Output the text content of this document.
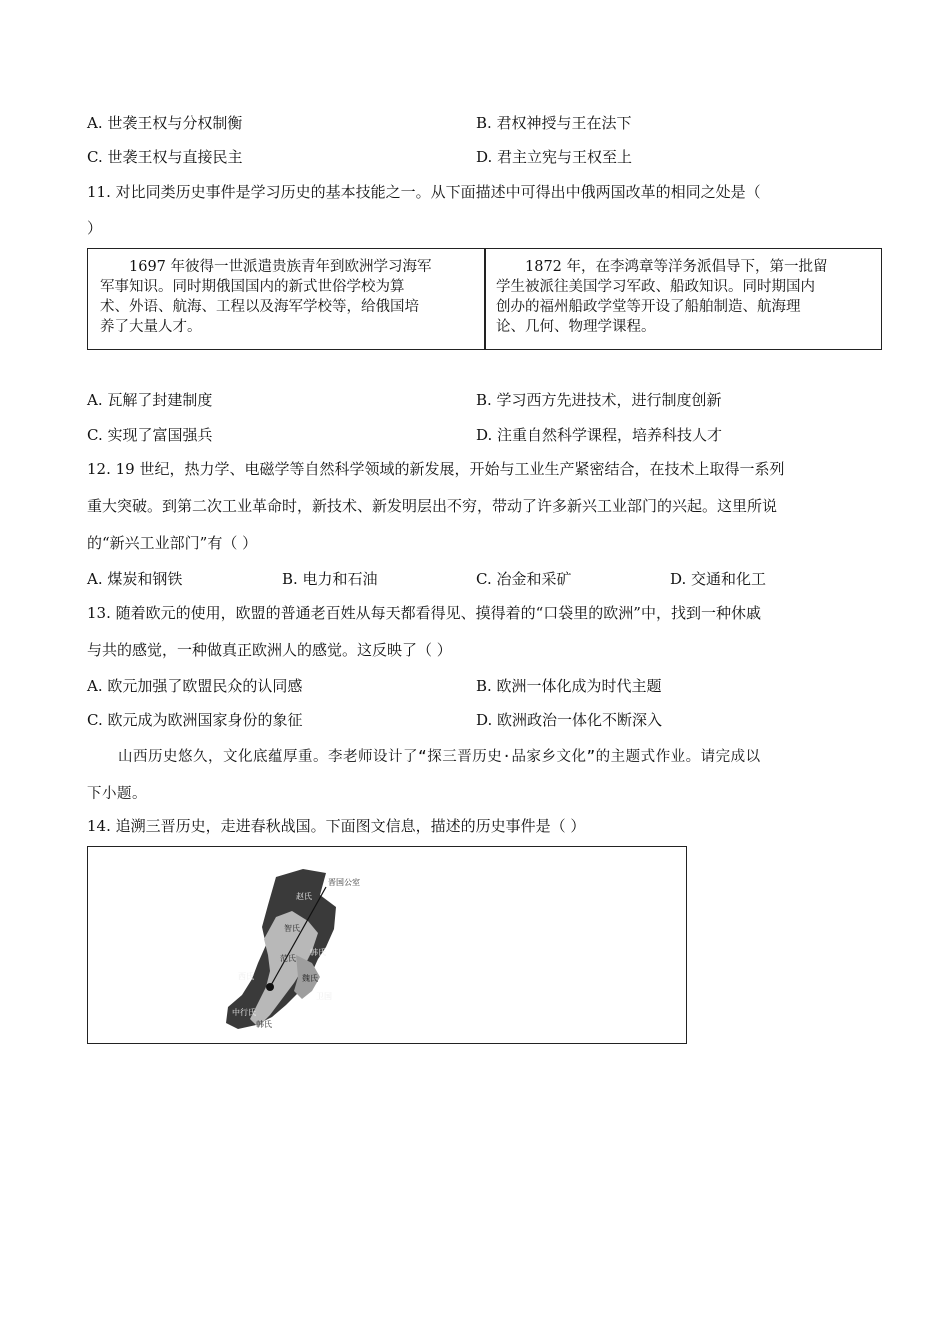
A. 世袭王权与分权制衡	B. 君权神授与王在法下
C. 世袭王权与直接民主	D. 君主立宪与王权至上
11. 对比同类历史事件是学习历史的基本技能之一。从下面描述中可得出中俄两国改革的相同之处是（
）
1697 年彼得一世派遣贵族青年到欧洲学习海军
军事知识。同时期俄国国内的新式世俗学校为算
术、外语、航海、工程以及海军学校等，给俄国培
养了大量人才。
1872 年，在李鸿章等洋务派倡导下，第一批留
学生被派往美国学习军政、船政知识。同时期国内
创办的福州船政学堂等开设了船舶制造、航海理
论、几何、物理学课程。
A. 瓦解了封建制度	B. 学习西方先进技术，进行制度创新
C. 实现了富国强兵	D. 注重自然科学课程，培养科技人才
12. 19 世纪，热力学、电磁学等自然科学领域的新发展，开始与工业生产紧密结合，在技术上取得一系列
重大突破。到第二次工业革命时，新技术、新发明层出不穷，带动了许多新兴工业部门的兴起。这里所说
的“新兴工业部门”有（ ）
A. 煤炭和钢铁	B. 电力和石油	C. 冶金和采矿	D. 交通和化工
13. 随着欧元的使用，欧盟的普通老百姓从每天都看得见、摸得着的“口袋里的欧洲”中，找到一种休戚
与共的感觉，一种做真正欧洲人的感觉。这反映了（ ）
A. 欧元加强了欧盟民众的认同感	B. 欧洲一体化成为时代主题
C. 欧元成为欧洲国家身份的象征	D. 欧洲政治一体化不断深入
山西历史悠久，文化底蕴厚重。李老师设计了“探三晋历史·品家乡文化”的主题式作业。请完成以
下小题。
14. 追溯三晋历史，走进春秋战国。下面图文信息，描述的历史事件是（ ）
晋国公室
赵氏
智氏
韩氏
魏氏
西氏
范氏
中行氏
韩氏
卫国
